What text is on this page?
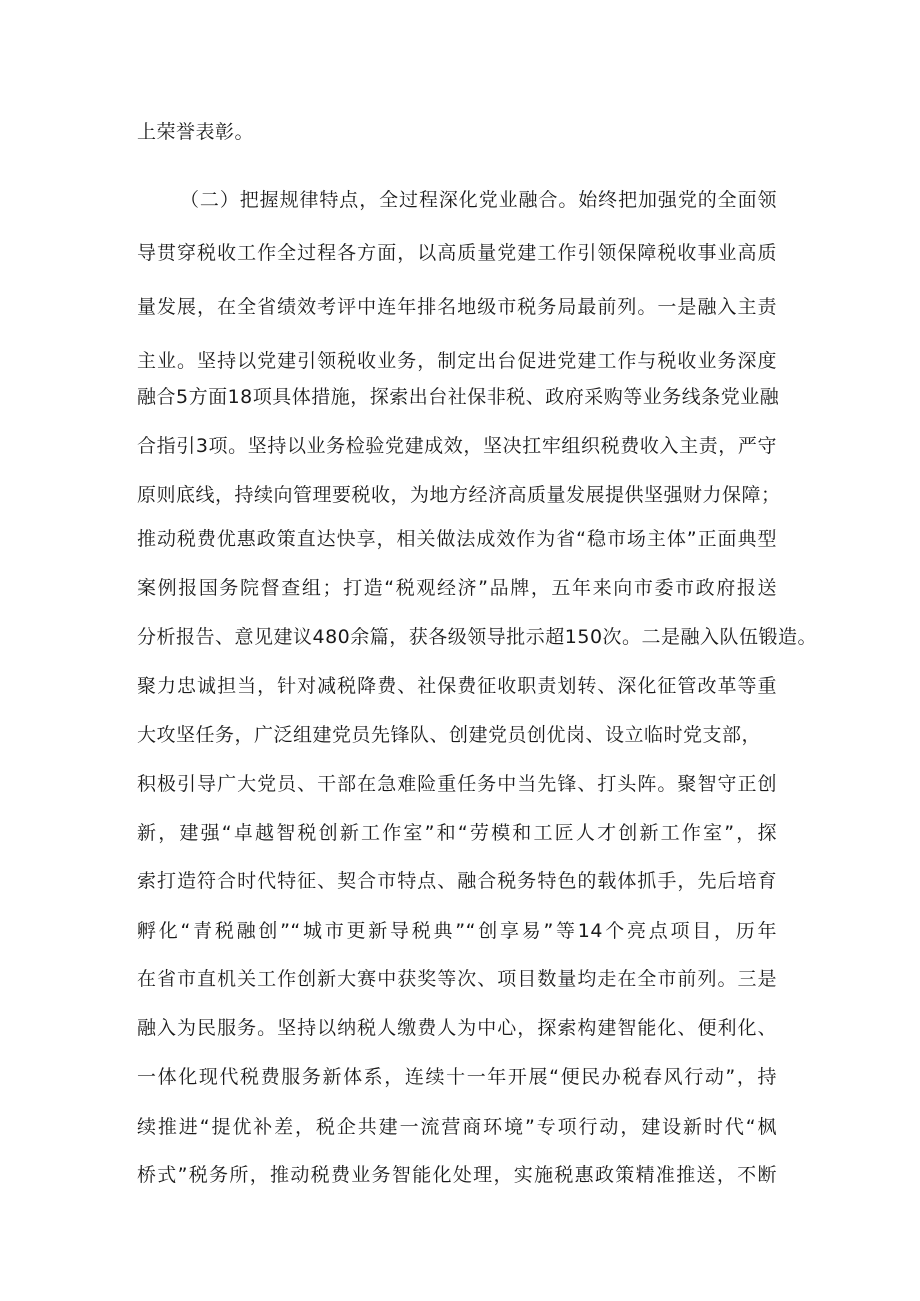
上荣誉表彰。
（二）把握规律特点，全过程深化党业融合。始终把加强党的全面领
导贯穿税收工作全过程各方面，以高质量党建工作引领保障税收事业高质
量发展，在全省绩效考评中连年排名地级市税务局最前列。一是融入主责
主业。坚持以党建引领税收业务，制定出台促进党建工作与税收业务深度
融合5方面18项具体措施，探索出台社保非税、政府采购等业务线条党业融
合指引3项。坚持以业务检验党建成效，坚决扛牢组织税费收入主责，严守
原则底线，持续向管理要税收，为地方经济高质量发展提供坚强财力保障；
推动税费优惠政策直达快享，相关做法成效作为省“稳市场主体”正面典型
案例报国务院督查组；打造“税观经济”品牌，五年来向市委市政府报送
分析报告、意见建议480余篇，获各级领导批示超150次。二是融入队伍锻造。
聚力忠诚担当，针对减税降费、社保费征收职责划转、深化征管改革等重
大攻坚任务，广泛组建党员先锋队、创建党员创优岗、设立临时党支部，
积极引导广大党员、干部在急难险重任务中当先锋、打头阵。聚智守正创
新，建强“卓越智税创新工作室”和“劳模和工匠人才创新工作室”，探
索打造符合时代特征、契合市特点、融合税务特色的载体抓手，先后培育
孵化“青税融创”“城市更新导税典”“创享易”等14个亮点项目，历年
在省市直机关工作创新大赛中获奖等次、项目数量均走在全市前列。三是
融入为民服务。坚持以纳税人缴费人为中心，探索构建智能化、便利化、
一体化现代税费服务新体系，连续十一年开展“便民办税春风行动”，持
续推进“提优补差，税企共建一流营商环境”专项行动，建设新时代“枫
桥式”税务所，推动税费业务智能化处理，实施税惠政策精准推送，不断
